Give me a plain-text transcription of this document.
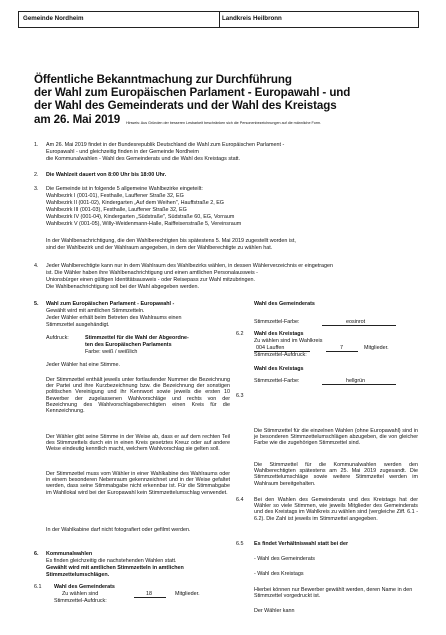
Gemeinde Nordheim	Landkreis Heilbronn
Öffentliche Bekanntmachung zur Durchführung
der Wahl zum Europäischen Parlament - Europawahl - und
der Wahl des Gemeinderats und der Wahl des Kreistags
am 26. Mai 2019 Hinweis: Aus Gründen der besseren Lesbarkeit beschränken sich die Personenbezeichnungen auf die männliche Form.
1. Am 26. Mai 2019 findet in der Bundesrepublik Deutschland die Wahl zum Europäischen Parlament -
Europawahl - und gleichzeitig finden in der Gemeinde Nordheim
die Kommunalwahlen - Wahl des Gemeinderats und die Wahl des Kreistags statt.
2. Die Wahlzeit dauert von 8:00 Uhr bis 18:00 Uhr.
3. Die Gemeinde ist in folgende 5 allgemeine Wahlbezirke eingeteilt:
Wahlbezirk I (001-01), Festhalle, Lauffener Straße 32, EG
Wahlbezirk II (001-02), Kindergarten „Auf dem Weihen", Hauffstraße 2, EG
Wahlbezirk III (001-03), Festhalle, Lauffener Straße 32, EG
Wahlbezirk IV (001-04), Kindergarten „Südstraße", Südstraße 60, EG, Vorraum
Wahlbezirk V (001-05), Willy-Weidenmann-Halle, Raiffeisenstraße 5, Vereinsraum
In der Wahlbenachrichtigung, die den Wahlberechtigten bis spätestens 5. Mai 2019 zugestellt worden ist,
sind der Wahlbezirk und der Wahlraum angegeben, in dem der Wahlberechtigte zu wählen hat.
4. Jeder Wahlberechtigte kann nur in dem Wahlraum des Wahlbezirks wählen, in dessen Wählerverzeichnis er eingetragen
ist. Die Wähler haben ihre Wahlbenachrichtigung und einen amtlichen Personalausweis -
Unionsbürger einen gültigen Identitätsausweis - oder Reisepass zur Wahl mitzubringen.
Die Wahlbenachrichtigung soll bei der Wahl abgegeben werden.
5. Wahl zum Europäischen Parlament - Europawahl -
Gewählt wird mit amtlichen Stimmzetteln.
Jeder Wähler erhält beim Betreten des Wahlraums einen
Stimmzettel ausgehändigt.
Aufdruck:	Stimmzettel für die Wahl der Abgeordne-
ten des Europäischen Parlaments
Farbe: weiß / weißlich
Jeder Wähler hat eine Stimme.
Der Stimmzettel enthält jeweils unter fortlaufender Nummer die Bezeichnung der Partei und ihre Kurzbezeichnung bzw. die Bezeichnung der sonstigen politischen Vereinigung und ihr Kennwort sowie jeweils die ersten 10 Bewerber der zugelassenen Wahlvorschläge und rechts von der Bezeichnung des Wahlvorschlagsberechtigten einen Kreis für die Kennzeichnung.
Der Wähler gibt seine Stimme in der Weise ab, dass er auf dem rechten Teil des Stimmzettels durch ein in einen Kreis gesetztes Kreuz oder auf andere Weise eindeutig kenntlich macht, welchem Wahlvorschlag sie gelten soll.
Der Stimmzettel muss vom Wähler in einer Wahlkabine des Wahlraums oder in einem besonderen Nebenraum gekennzeichnet und in der Weise gefaltet werden, dass seine Stimmabgabe nicht erkennbar ist. Für die Stimmabgabe im Wahllokal wird bei der Europawahl kein Stimmzettelumschlag verwendet.
In der Wahlkabine darf nicht fotografiert oder gefilmt werden.
6. Kommunalwahlen
Es finden gleichzeitig die nachstehenden Wahlen statt.
Gewählt wird mit amtlichen Stimmzetteln in amtlichen
Stimmzettelumschlägen.
6.1 Wahl des Gemeinderats
Zu wählen sind	18	Mitglieder.
Stimmzettel-Aufdruck:
Wahl des Gemeinderats
Stimmzettel-Farbe:	eosinrot
6.2 Wahl des Kreistags
Zu wählen sind im Wahlkreis
004 Lauffen	7	Mitglieder.
Stimmzettel-Aufdruck:
Wahl des Kreistags
Stimmzettel-Farbe:	hellgrün
6.3
Die Stimmzettel für die einzelnen Wahlen (ohne Europawahl) sind in je besonderen Stimmzettelumschlägen abzugeben, die von gleicher Farbe wie die zugehörigen Stimmzettel sind.
Die Stimmzettel für die Kommunalwahlen werden den Wahlberechtigten spätestens am 25. Mai 2019 zugesandt. Die Stimmzettelumschläge sowie weitere Stimmzettel werden im Wahlraum bereitgehalten.
6.4 Bei den Wahlen des Gemeinderats und des Kreistags hat der Wähler so viele Stimmen, wie jeweils Mitglieder des Gemeinderats und des Kreistags im Wahlkreis zu wählen sind (vergleiche Ziff. 6.1 - 6.2). Die Zahl ist jeweils im Stimmzettel angegeben.
6.5 Es findet Verhältniswahl statt bei der
- Wahl des Gemeinderats
- Wahl des Kreistags
Hierbei können nur Bewerber gewählt werden, deren Name in den Stimmzettel vorgedruckt ist.
Der Wähler kann
